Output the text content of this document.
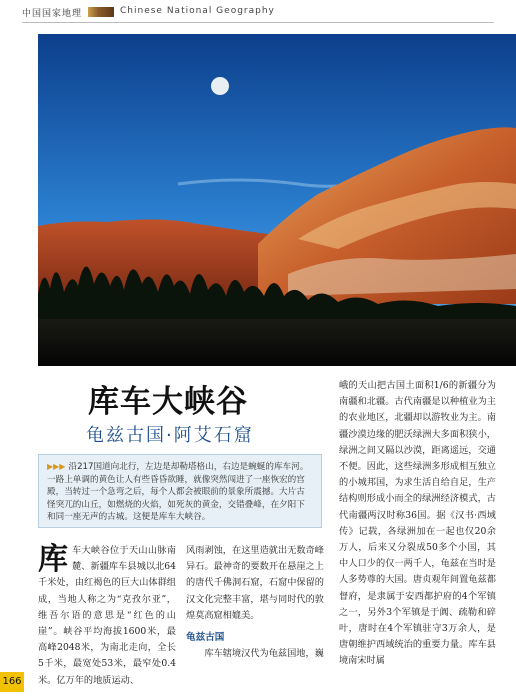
中国国家地理	Chinese National Geography
库车大峡谷
龟兹古国·阿艾石窟
▶▶▶ 沿217国道向北行，左边是却勒塔格山，右边是蜿蜒的库车河。一路上单调的黄色让人有些昏昏欲睡，就像突然闯进了一座恢宏的宫殿，当转过一个急弯之后，每个人都会被眼前的景象所震撼。大片古怪突兀的山丘，如燃烧的火焰，如死灰的黄金，交错叠峰，在夕阳下和同一座无声的古城。这便是库车大峡谷。
库车大峡谷位于天山山脉南麓、新疆库车县城以北64千米处，由红褐色的巨大山体群组成，当地人称之为“克孜尔亚”，维吾尔语的意思是“红色的山崖”。峡谷平均海拔1600米，最高峰2048米，为南北走向，全长5千米，最宽处53米，最窄处0.4米。亿万年的地质运动、
风雨剥蚀，在这里造就出无数奇峰异石。最神奇的要数开在悬崖之上的唐代千佛洞石窟，石窟中保留的汉文化完整丰富，堪与同时代的敦煌莫高窟相媲美。
龟兹古国
库车辖境汉代为龟兹国地，巍
峨的天山把古国土面积1/6的新疆分为南疆和北疆。古代南疆是以种植业为主的农业地区，北疆却以游牧业为主。南疆沙漠边缘的肥沃绿洲大多面积狭小，绿洲之间又隔以沙漠，距离遥远，交通不便。因此，这些绿洲多形成相互独立的小城邦国，为求生活自给自足，生产结构则形成小而全的绿洲经济模式，古代南疆两汉时称36国。据《汉书·西域传》记载，各绿洲加在一起也仅20余万人，后来又分裂成50多个小国，其中人口少的仅一两千人，龟兹在当时是人多势尊的大国。唐贞观年间置龟兹都督府，是隶属于安西都护府的4个军镇之一，另外3个军镇是于阗、疏勒和碎叶，唐时在4个军镇驻守3万余人，是唐朝维护西域统治的重要力量。库车县境南宋时属
166
